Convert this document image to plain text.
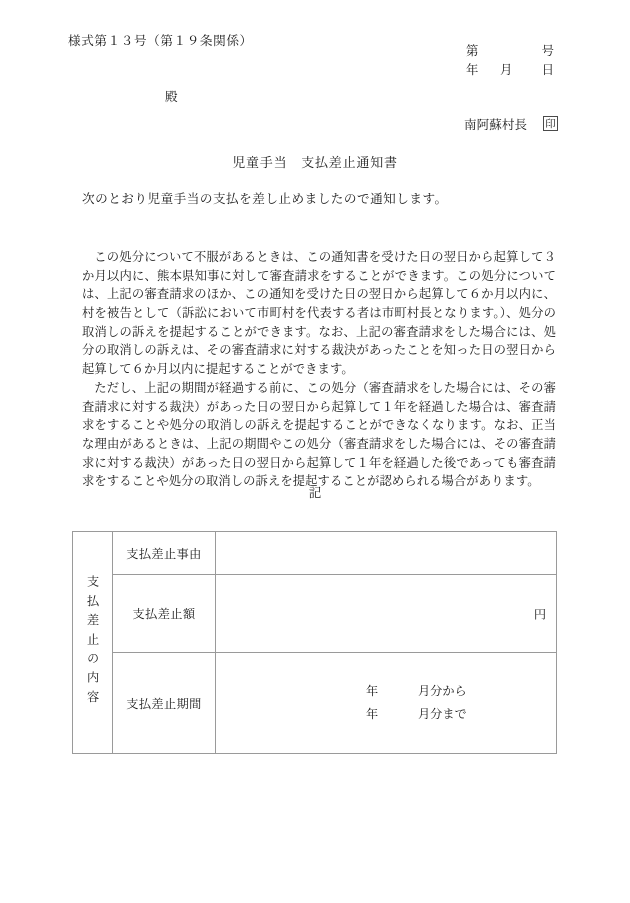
様式第１３号（第１９条関係）
第	号
年 月 日
殿
南阿蘇村長 印
児童手当　支払差止通知書
次のとおり児童手当の支払を差し止めましたので通知します。

この処分について不服があるときは、この通知書を受けた日の翌日から起算して３か月以内に、熊本県知事に対して審査請求をすることができます。この処分については、上記の審査請求のほか、この通知を受けた日の翌日から起算して６か月以内に、村を被告として（訴訟において市町村を代表する者は市町村長となります。）、処分の取消しの訴えを提起することができます。なお、上記の審査請求をした場合には、処分の取消しの訴えは、その審査請求に対する裁決があったことを知った日の翌日から起算して６か月以内に提起することができます。

ただし、上記の期間が経過する前に、この処分（審査請求をした場合には、その審査請求に対する裁決）があった日の翌日から起算して１年を経過した場合は、審査請求をすることや処分の取消しの訴えを提起することができなくなります。なお、正当な理由があるときは、上記の期間やこの処分（審査請求をした場合には、その審査請求に対する裁決）があった日の翌日から起算して１年を経過した後であっても審査請求をすることや処分の取消しの訴えを提起することが認められる場合があります。

記
支払差止の内容	支払差止事由	
	支払差止額	円

	支払差止期間	年 月分から
年 月分まで
